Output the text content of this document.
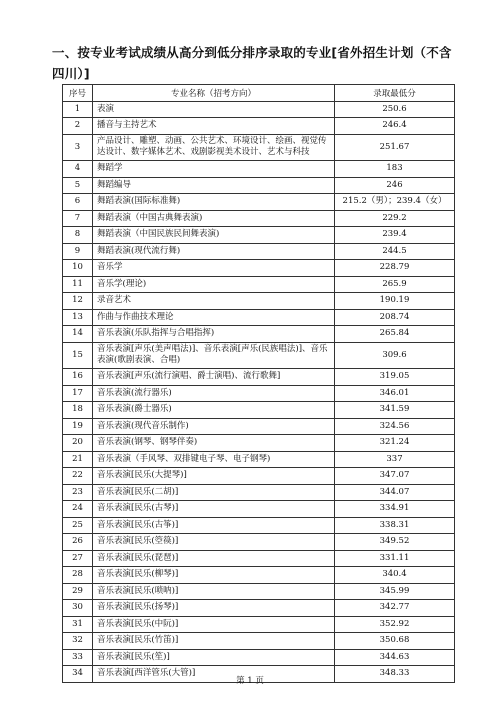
一、按专业考试成绩从高分到低分排序录取的专业[省外招生计划（不含四川）]
序号	专业名称（招考方向）	录取最低分
1	表演	250.6
2	播音与主持艺术	246.4
3	产品设计、雕塑、动画、公共艺术、环境设计、绘画、视觉传达设计、数字媒体艺术、戏剧影视美术设计、艺术与科技	251.67
4	舞蹈学	183
5	舞蹈编导	246
6	舞蹈表演(国际标准舞)	215.2（男）；239.4（女）
7	舞蹈表演（中国古典舞表演)	229.2
8	舞蹈表演（中国民族民间舞表演)	239.4
9	舞蹈表演(现代流行舞)	244.5
10	音乐学	228.79
11	音乐学(理论)	265.9
12	录音艺术	190.19
13	作曲与作曲技术理论	208.74
14	音乐表演(乐队指挥与合唱指挥)	265.84
15	音乐表演[声乐(美声唱法)]、音乐表演[声乐(民族唱法)]、音乐表演(歌剧表演、合唱)	309.6
16	音乐表演[声乐(流行演唱、爵士演唱)、流行歌舞]	319.05
17	音乐表演(流行器乐)	346.01
18	音乐表演(爵士器乐)	341.59
19	音乐表演(现代音乐制作)	324.56
20	音乐表演(钢琴、钢琴伴奏)	321.24
21	音乐表演（手风琴、双排键电子琴、电子钢琴)	337
22	音乐表演[民乐(大提琴)]	347.07
23	音乐表演[民乐(二胡)]	344.07
24	音乐表演[民乐(古琴)]	334.91
25	音乐表演[民乐(古筝)]	338.31
26	音乐表演[民乐(箜篌)]	349.52
27	音乐表演[民乐(琵琶)]	331.11
28	音乐表演[民乐(柳琴)]	340.4
29	音乐表演[民乐(唢呐)]	345.99
30	音乐表演[民乐(扬琴)]	342.77
31	音乐表演[民乐(中阮)]	352.92
32	音乐表演[民乐(竹笛)]	350.68
33	音乐表演[民乐(笙)]	344.63
34	音乐表演[西洋管乐(大管)]	348.33
第 1 页
